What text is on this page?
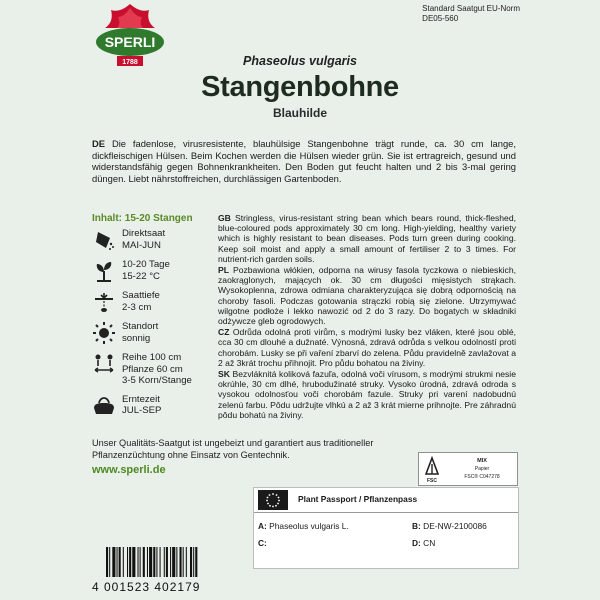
SPERLI
1788
Standard Saatgut EU-Norm
DE05-560
Phaseolus vulgaris
Stangenbohne
Blauhilde
DE Die fadenlose, virusresistente, blauhülsige Stangenbohne trägt runde, ca. 30 cm lange, dickfleischigen Hülsen. Beim Kochen werden die Hülsen wieder grün. Sie ist ertragreich, gesund und widerstandsfähig gegen Bohnenkrankheiten. Den Boden gut feucht halten und 2 bis 3-mal gering düngen. Liebt nährstoffreichen, durchlässigen Gartenboden.
Inhalt: 15-20 Stangen
Direktsaat
MAI-JUN
10-20 Tage
15-22 °C
Saattiefe
2-3 cm
Standort
sonnig
Reihe 100 cm
Pflanze 60 cm
3-5 Korn/Stange
Erntezeit
JUL-SEP

GB Stringless, virus-resistant string bean which bears round, thick-fleshed, blue-coloured pods approximately 30 cm long. High-yielding, healthy variety which is highly resistant to bean diseases. Pods turn green during cooking. Keep soil moist and apply a small amount of fertiliser 2 to 3 times. For nutrient-rich garden soils.

PL Pozbawiona włókien, odporna na wirusy fasola tyczkowa o niebieskich, zaokrąglonych, mających ok. 30 cm długości mięsistych strąkach. Wysokoplenna, zdrowa odmiana charakteryzująca się dobrą odpornością na choroby fasoli. Podczas gotowania strączki robią się zielone. Utrzymywać wilgotne podłoże i lekko nawozić od 2 do 3 razy. Do bogatych w składniki odżywcze gleb ogrodowych.

CZ Odrůda odolná proti virům, s modrými lusky bez vláken, které jsou oblé, cca 30 cm dlouhé a dužnaté. Výnosná, zdravá odrůda s velkou odolností proti chorobám. Lusky se při vaření zbarví do zelena. Půdu pravidelně zavlažovat a 2 až 3krát trochu přihnojit. Pro půdu bohatou na živiny.

SK Bezvláknitá koliková fazuľa, odolná voči vírusom, s modrými strukmi nesie okrúhle, 30 cm dlhé, hrubodužinaté struky. Vysoko úrodná, zdravá odroda s vysokou odolnosťou voči chorobám fazule. Struky pri varení nadobudnú zelenú farbu. Pôdu udržujte vlhkú a 2 až 3 krát mierne prihnojte. Pre záhradnú pôdu bohatú na živiny.

Unser Qualitäts-Saatgut ist ungebeizt und garantiert aus traditioneller Pflanzenzüchtung ohne Einsatz von Gentechnik.
www.sperli.de
FSC
MIX
Papier
FSC® C047278
Plant Passport / Pflanzenpass
A: Phaseolus vulgaris L.	B: DE-NW-2100086
C:	D: CN
4 001523 402179
